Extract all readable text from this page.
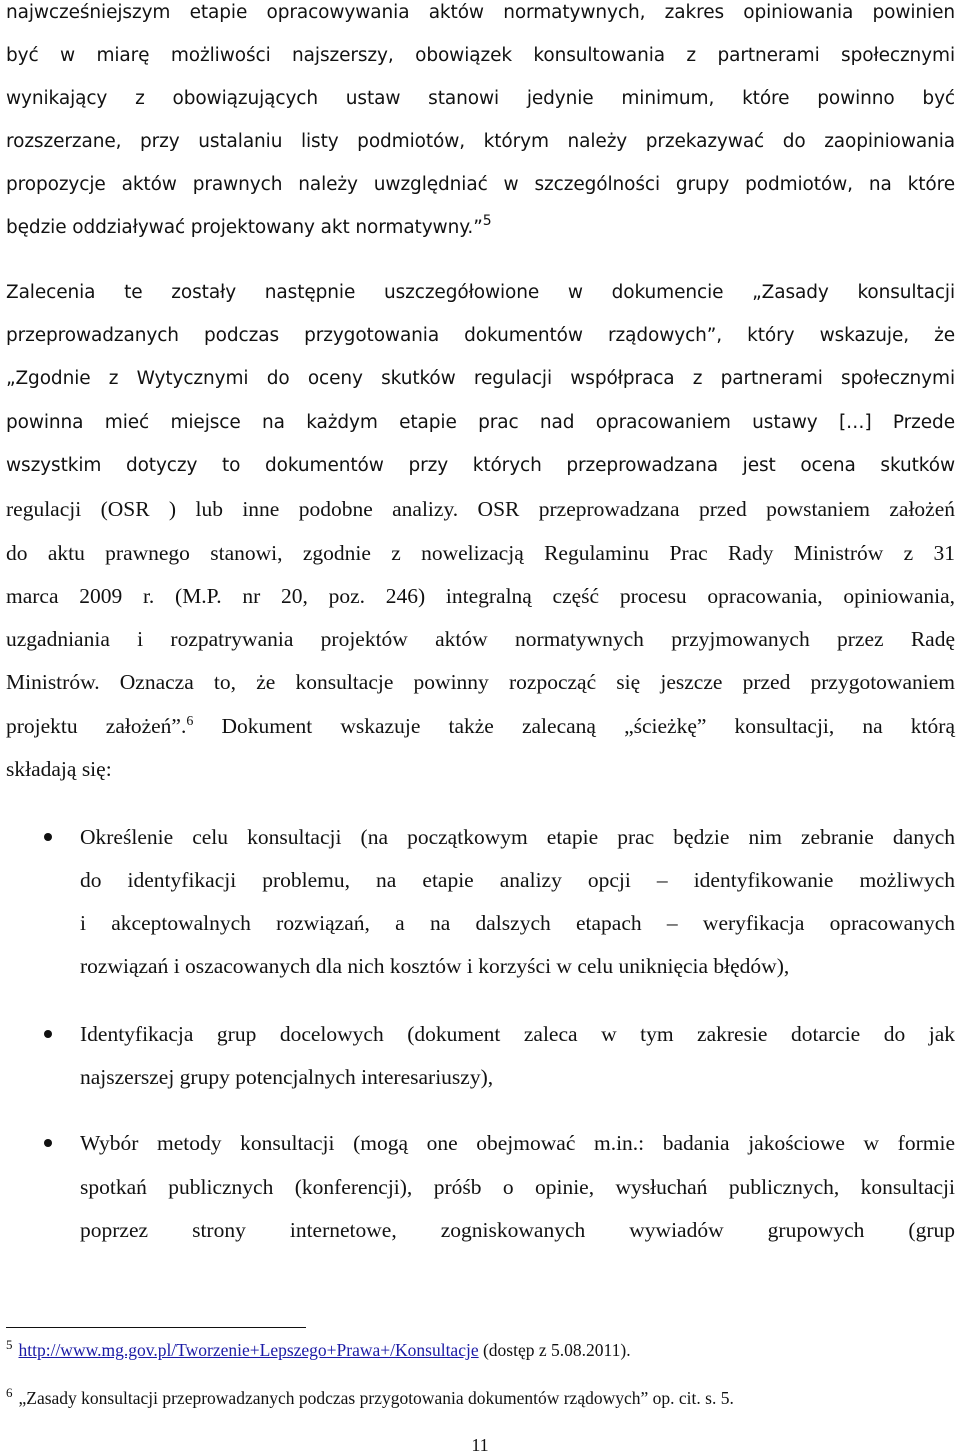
najwcześniejszym etapie opracowywania aktów normatywnych, zakres opiniowania powinien
być w miarę możliwości najszerszy, obowiązek konsultowania z partnerami społecznymi
wynikający z obowiązujących ustaw stanowi jedynie minimum, które powinno być
rozszerzane, przy ustalaniu listy podmiotów, którym należy przekazywać do zaopiniowania
propozycje aktów prawnych należy uwzględniać w szczególności grupy podmiotów, na które
będzie oddziaływać projektowany akt normatywny.”$^5$
Zalecenia te zostały następnie uszczegółowione w dokumencie „Zasady konsultacji
przeprowadzanych podczas przygotowania dokumentów rządowych”, który wskazuje, że
„Zgodnie z Wytycznymi do oceny skutków regulacji współpraca z partnerami społecznymi
powinna mieć miejsce na każdym etapie prac nad opracowaniem ustawy […] Przede
wszystkim dotyczy to dokumentów przy których przeprowadzana jest ocena skutków
regulacji (OSR ) lub inne podobne analizy. OSR przeprowadzana przed powstaniem założeń
do aktu prawnego stanowi, zgodnie z nowelizacją Regulaminu Prac Rady Ministrów z 31
marca 2009 r. (M.P. nr 20, poz. 246) integralną część procesu opracowania, opiniowania,
uzgadniania i rozpatrywania projektów aktów normatywnych przyjmowanych przez Radę
Ministrów. Oznacza to, że konsultacje powinny rozpocząć się jeszcze przed przygotowaniem
projektu założeń”.$^6$ Dokument wskazuje także zalecaną „ścieżkę” konsultacji, na którą
składają się:
Określenie celu konsultacji (na początkowym etapie prac będzie nim zebranie danych
do identyfikacji problemu, na etapie analizy opcji – identyfikowanie możliwych
i akceptowalnych rozwiązań, a na dalszych etapach – weryfikacja opracowanych
rozwiązań i oszacowanych dla nich kosztów i korzyści w celu uniknięcia błędów),
Identyfikacja grup docelowych (dokument zaleca w tym zakresie dotarcie do jak
najszerszej grupy potencjalnych interesariuszy),
Wybór metody konsultacji (mogą one obejmować m.in.: badania jakościowe w formie
spotkań publicznych (konferencji), próśb o opinie, wysłuchań publicznych, konsultacji
poprzez strony internetowe, zogniskowanych wywiadów grupowych (grup
$^5$ http://www.mg.gov.pl/Tworzenie+Lepszego+Prawa+/Konsultacje (dostęp z 5.08.2011).
$^6$ „Zasady konsultacji przeprowadzanych podczas przygotowania dokumentów rządowych” op. cit. s. 5.
11
